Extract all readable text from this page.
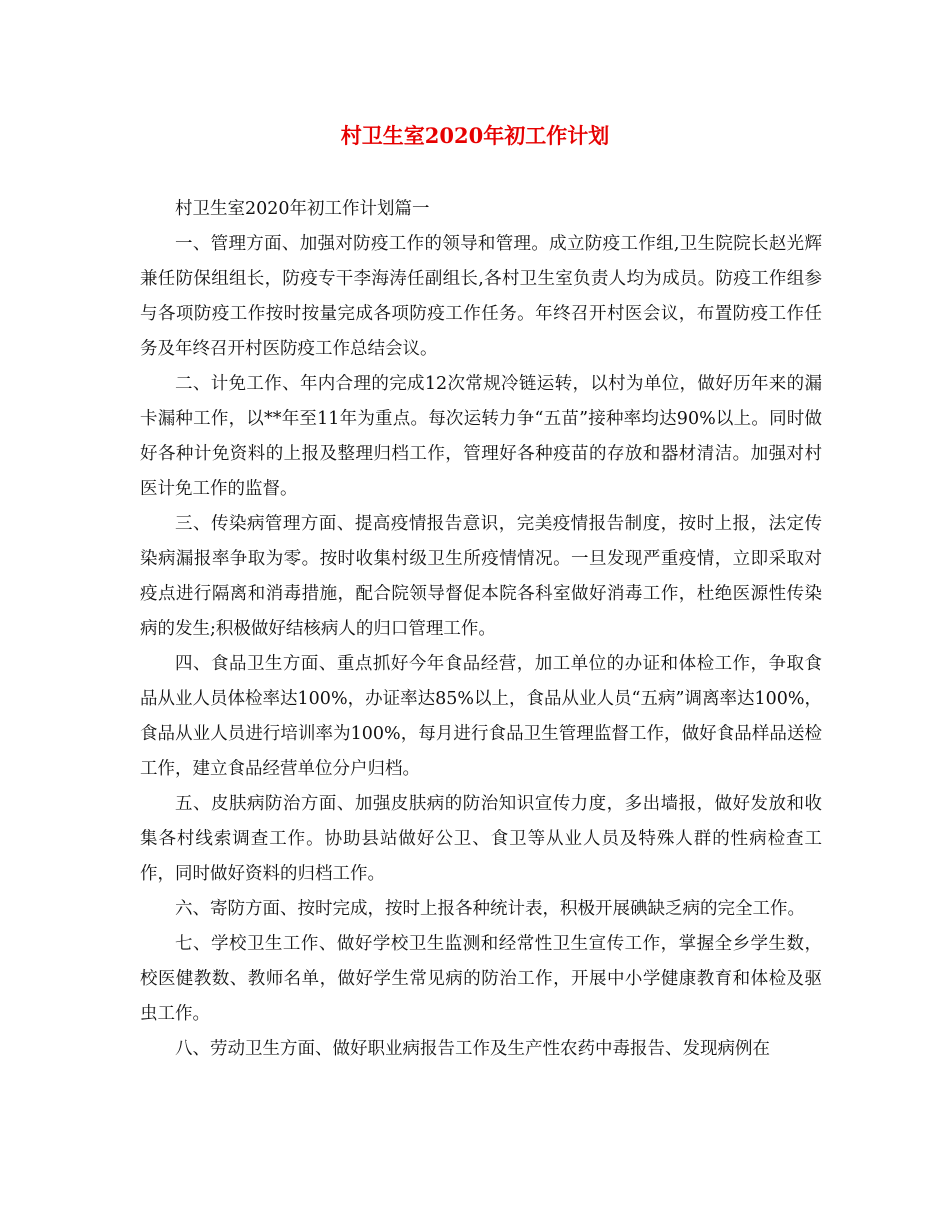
村卫生室2020年初工作计划

村卫生室2020年初工作计划篇一

一、管理方面、加强对防疫工作的领导和管理。成立防疫工作组,卫生院院长赵光辉兼任防保组组长，防疫专干李海涛任副组长,各村卫生室负责人均为成员。防疫工作组参与各项防疫工作按时按量完成各项防疫工作任务。年终召开村医会议，布置防疫工作任务及年终召开村医防疫工作总结会议。

二、计免工作、年内合理的完成12次常规冷链运转，以村为单位，做好历年来的漏卡漏种工作，以**年至11年为重点。每次运转力争“五苗”接种率均达90%以上。同时做好各种计免资料的上报及整理归档工作，管理好各种疫苗的存放和器材清洁。加强对村医计免工作的监督。

三、传染病管理方面、提高疫情报告意识，完美疫情报告制度，按时上报，法定传染病漏报率争取为零。按时收集村级卫生所疫情情况。一旦发现严重疫情，立即采取对疫点进行隔离和消毒措施，配合院领导督促本院各科室做好消毒工作，杜绝医源性传染病的发生;积极做好结核病人的归口管理工作。

四、食品卫生方面、重点抓好今年食品经营，加工单位的办证和体检工作，争取食品从业人员体检率达100%，办证率达85%以上，食品从业人员“五病”调离率达100%，食品从业人员进行培训率为100%，每月进行食品卫生管理监督工作，做好食品样品送检工作，建立食品经营单位分户归档。

五、皮肤病防治方面、加强皮肤病的防治知识宣传力度，多出墙报，做好发放和收集各村线索调查工作。协助县站做好公卫、食卫等从业人员及特殊人群的性病检查工作，同时做好资料的归档工作。

六、寄防方面、按时完成，按时上报各种统计表，积极开展碘缺乏病的完全工作。

七、学校卫生工作、做好学校卫生监测和经常性卫生宣传工作，掌握全乡学生数，校医健教数、教师名单，做好学生常见病的防治工作，开展中小学健康教育和体检及驱虫工作。

八、劳动卫生方面、做好职业病报告工作及生产性农药中毒报告、发现病例在
